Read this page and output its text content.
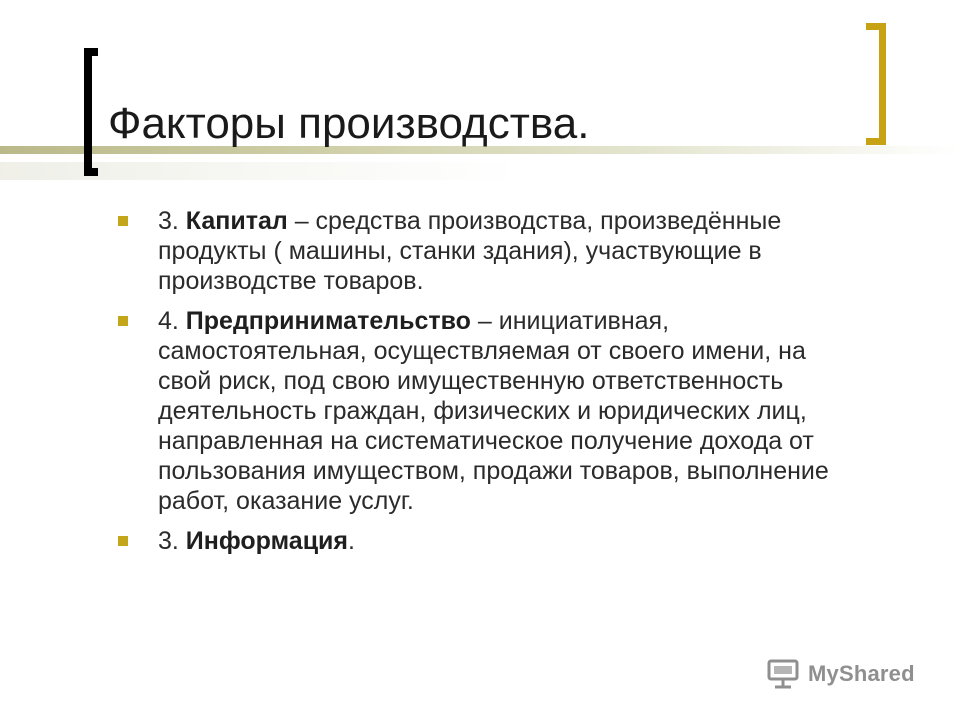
Факторы производства.
3. Капитал – средства производства, произведённые продукты ( машины, станки здания), участвующие в производстве товаров.
4. Предпринимательство – инициативная, самостоятельная, осуществляемая от своего имени, на свой риск, под свою имущественную ответственность деятельность граждан, физических и юридических лиц, направленная на систематическое получение дохода от пользования имуществом, продажи товаров, выполнение работ, оказание услуг.
3. Информация.
MyShared
